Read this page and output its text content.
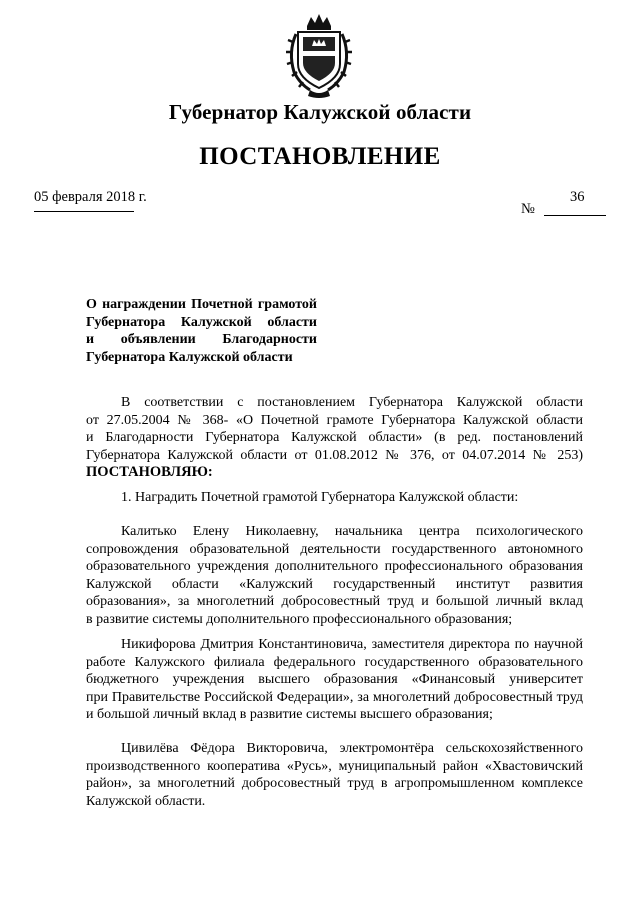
Губернатор Калужской области
ПОСТАНОВЛЕНИЕ
05 февраля 2018 г.	36
№
О награждении Почетной грамотой
Губернатора Калужской области
и объявлении Благодарности
Губернатора Калужской области
В соответствии с постановлением Губернатора Калужской области
от 27.05.2004 № 368- «О Почетной грамоте Губернатора Калужской области
и Благодарности Губернатора Калужской области» (в ред. постановлений
Губернатора Калужской области от 01.08.2012 № 376, от 04.07.2014 № 253)
ПОСТАНОВЛЯЮ:
1. Наградить Почетной грамотой Губернатора Калужской области:
Калитько Елену Николаевну, начальника центра психологического
сопровождения образовательной деятельности государственного автономного
образовательного учреждения дополнительного профессионального образования
Калужской области «Калужский государственный институт развития
образования», за многолетний добросовестный труд и большой личный вклад
в развитие системы дополнительного профессионального образования;
Никифорова Дмитрия Константиновича, заместителя директора по научной
работе Калужского филиала федерального государственного образовательного
бюджетного учреждения высшего образования «Финансовый университет
при Правительстве Российской Федерации», за многолетний добросовестный труд
и большой личный вклад в развитие системы высшего образования;
Цивилёва Фёдора Викторовича, электромонтёра сельскохозяйственного
производственного кооператива «Русь», муниципальный район «Хвастовичский
район», за многолетний добросовестный труд в агропромышленном комплексе
Калужской области.
